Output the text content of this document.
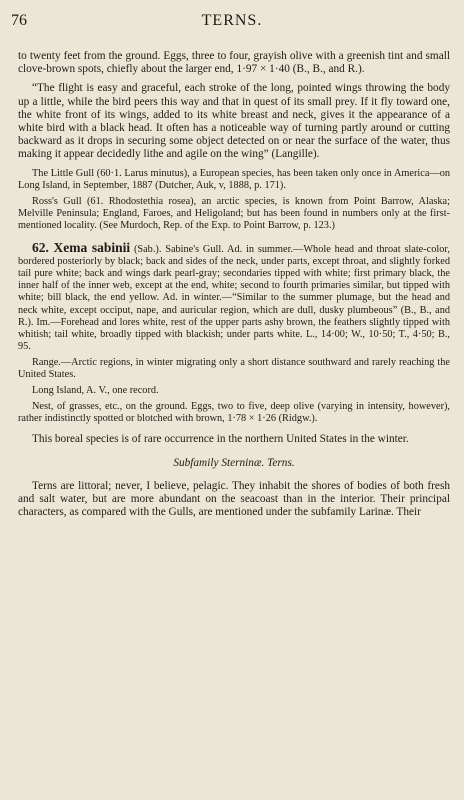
76	TERNS.

to twenty feet from the ground. Eggs, three to four, grayish olive with a greenish tint and small clove-brown spots, chiefly about the larger end, 1·97 × 1·40 (B., B., and R.).

“The flight is easy and graceful, each stroke of the long, pointed wings throwing the body up a little, while the bird peers this way and that in quest of its small prey. If it fly toward one, the white front of its wings, added to its white breast and neck, gives it the appearance of a white bird with a black head. It often has a noticeable way of turning partly around or cutting backward as it drops in securing some object detected on or near the surface of the water, thus making it appear decidedly lithe and agile on the wing” (Langille).

The Little Gull (60·1. Larus minutus), a European species, has been taken only once in America—on Long Island, in September, 1887 (Dutcher, Auk, v, 1888, p. 171).

Ross's Gull (61. Rhodostethia rosea), an arctic species, is known from Point Barrow, Alaska; Melville Peninsula; England, Faroes, and Heligoland; but has been found in numbers only at the first-mentioned locality. (See Murdoch, Rep. of the Exp. to Point Barrow, p. 123.)

62. Xema sabinii (Sab.). Sabine's Gull. Ad. in summer.—Whole head and throat slate-color, bordered posteriorly by black; back and sides of the neck, under parts, except throat, and slightly forked tail pure white; back and wings dark pearl-gray; secondaries tipped with white; first primary black, the inner half of the inner web, except at the end, white; second to fourth primaries similar, but tipped with white; bill black, the end yellow. Ad. in winter.—“Similar to the summer plumage, but the head and neck white, except occiput, nape, and auricular region, which are dull, dusky plumbeous” (B., B., and R.). Im.—Forehead and lores white, rest of the upper parts ashy brown, the feathers slightly tipped with whitish; tail white, broadly tipped with blackish; under parts white. L., 14·00; W., 10·50; T., 4·50; B., 95.

Range.—Arctic regions, in winter migrating only a short distance southward and rarely reaching the United States.

Long Island, A. V., one record.

Nest, of grasses, etc., on the ground. Eggs, two to five, deep olive (varying in intensity, however), rather indistinctly spotted or blotched with brown, 1·78 × 1·26 (Ridgw.).

This boreal species is of rare occurrence in the northern United States in the winter.

Subfamily Sterninæ. Terns.

Terns are littoral; never, I believe, pelagic. They inhabit the shores of bodies of both fresh and salt water, but are more abundant on the seacoast than in the interior. Their principal characters, as compared with the Gulls, are mentioned under the subfamily Larinæ. Their
